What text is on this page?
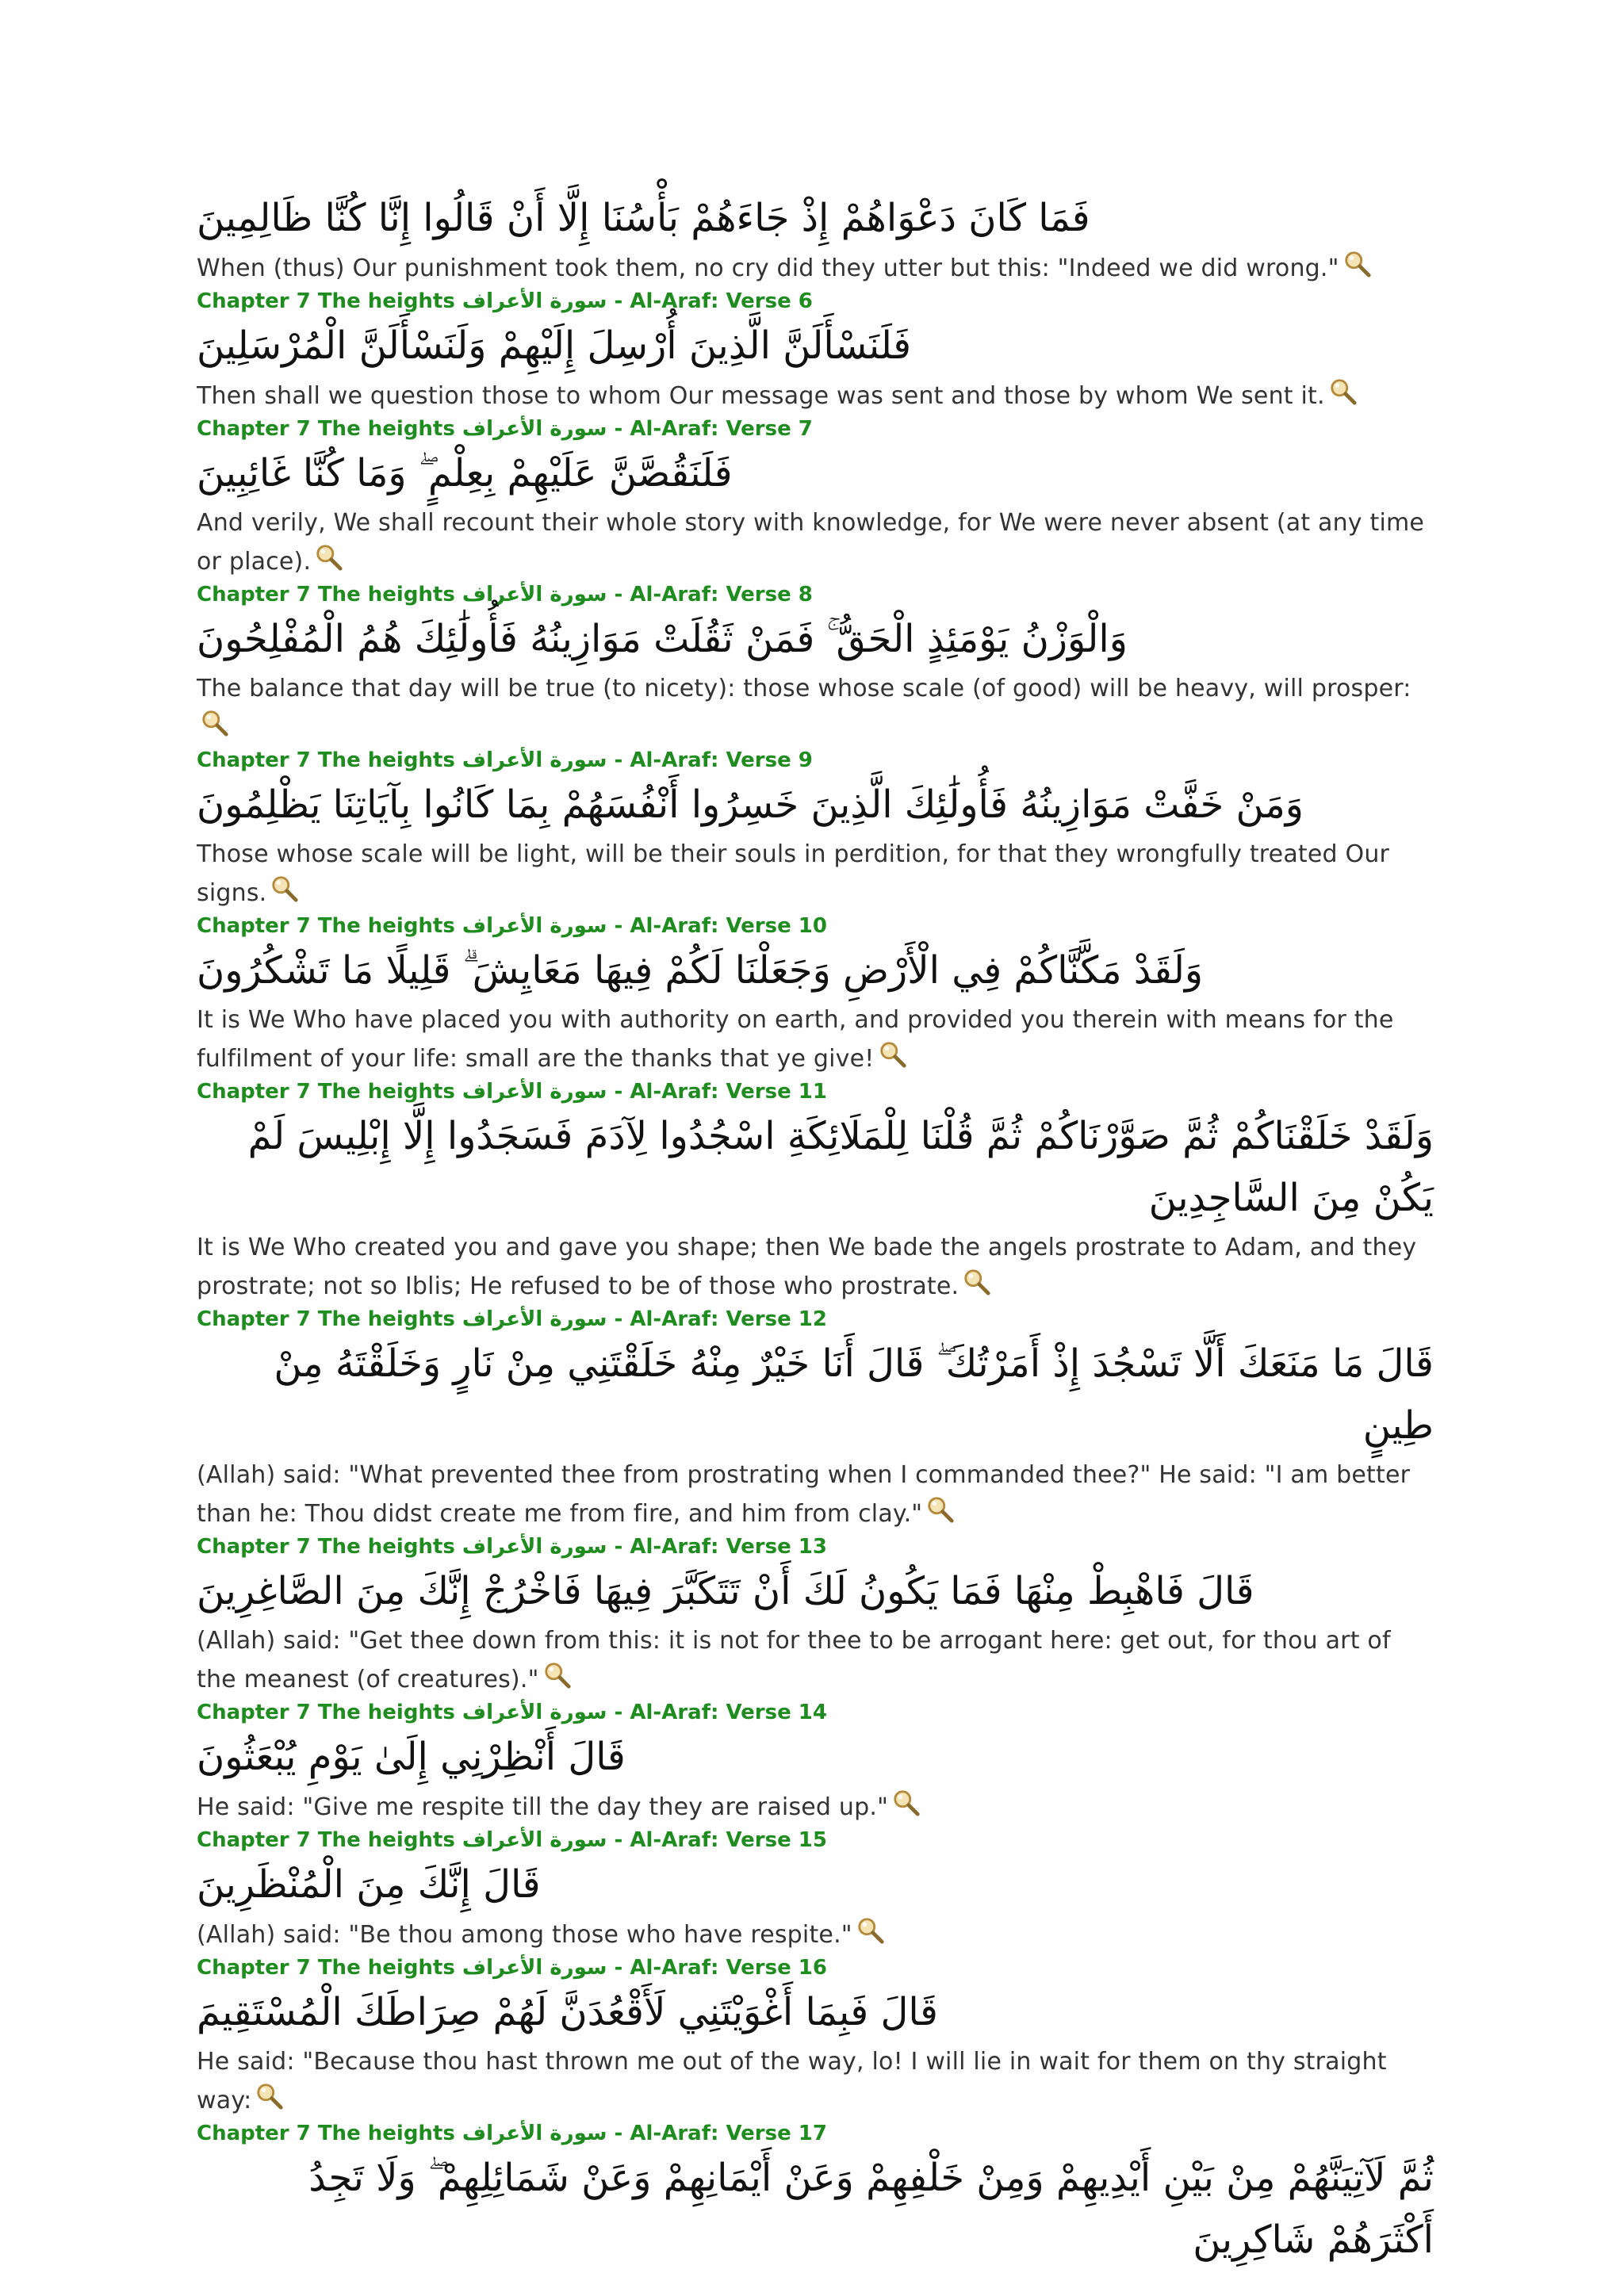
فَمَا كَانَ دَعْوَاهُمْ إِذْ جَاءَهُمْ بَأْسُنَا إِلَّا أَنْ قَالُوا إِنَّا كُنَّا ظَالِمِينَ

When (thus) Our punishment took them, no cry did they utter but this: "Indeed we did wrong."

Chapter 7 The heights سورة الأعراف - Al-Araf: Verse 6

فَلَنَسْأَلَنَّ الَّذِينَ أُرْسِلَ إِلَيْهِمْ وَلَنَسْأَلَنَّ الْمُرْسَلِينَ

Then shall we question those to whom Our message was sent and those by whom We sent it.

Chapter 7 The heights سورة الأعراف - Al-Araf: Verse 7

فَلَنَقُصَّنَّ عَلَيْهِمْ بِعِلْمٍ ۖ وَمَا كُنَّا غَائِبِينَ

And verily, We shall recount their whole story with knowledge, for We were never absent (at any time or place).

Chapter 7 The heights سورة الأعراف - Al-Araf: Verse 8

وَالْوَزْنُ يَوْمَئِذٍ الْحَقُّ ۚ فَمَنْ ثَقُلَتْ مَوَازِينُهُ فَأُولَٰئِكَ هُمُ الْمُفْلِحُونَ

The balance that day will be true (to nicety): those whose scale (of good) will be heavy, will prosper:

Chapter 7 The heights سورة الأعراف - Al-Araf: Verse 9

وَمَنْ خَفَّتْ مَوَازِينُهُ فَأُولَٰئِكَ الَّذِينَ خَسِرُوا أَنْفُسَهُمْ بِمَا كَانُوا بِآيَاتِنَا يَظْلِمُونَ

Those whose scale will be light, will be their souls in perdition, for that they wrongfully treated Our signs.

Chapter 7 The heights سورة الأعراف - Al-Araf: Verse 10

وَلَقَدْ مَكَّنَّاكُمْ فِي الْأَرْضِ وَجَعَلْنَا لَكُمْ فِيهَا مَعَايِشَ ۗ قَلِيلًا مَا تَشْكُرُونَ

It is We Who have placed you with authority on earth, and provided you therein with means for the fulfilment of your life: small are the thanks that ye give!

Chapter 7 The heights سورة الأعراف - Al-Araf: Verse 11

وَلَقَدْ خَلَقْنَاكُمْ ثُمَّ صَوَّرْنَاكُمْ ثُمَّ قُلْنَا لِلْمَلَائِكَةِ اسْجُدُوا لِآدَمَ فَسَجَدُوا إِلَّا إِبْلِيسَ لَمْ يَكُنْ مِنَ السَّاجِدِينَ

It is We Who created you and gave you shape; then We bade the angels prostrate to Adam, and they prostrate; not so Iblis; He refused to be of those who prostrate.

Chapter 7 The heights سورة الأعراف - Al-Araf: Verse 12

قَالَ مَا مَنَعَكَ أَلَّا تَسْجُدَ إِذْ أَمَرْتُكَ ۖ قَالَ أَنَا خَيْرٌ مِنْهُ خَلَقْتَنِي مِنْ نَارٍ وَخَلَقْتَهُ مِنْ طِينٍ

(Allah) said: "What prevented thee from prostrating when I commanded thee?" He said: "I am better than he: Thou didst create me from fire, and him from clay."

Chapter 7 The heights سورة الأعراف - Al-Araf: Verse 13

قَالَ فَاهْبِطْ مِنْهَا فَمَا يَكُونُ لَكَ أَنْ تَتَكَبَّرَ فِيهَا فَاخْرُجْ إِنَّكَ مِنَ الصَّاغِرِينَ

(Allah) said: "Get thee down from this: it is not for thee to be arrogant here: get out, for thou art of the meanest (of creatures)."

Chapter 7 The heights سورة الأعراف - Al-Araf: Verse 14

قَالَ أَنْظِرْنِي إِلَىٰ يَوْمِ يُبْعَثُونَ

He said: "Give me respite till the day they are raised up."

Chapter 7 The heights سورة الأعراف - Al-Araf: Verse 15

قَالَ إِنَّكَ مِنَ الْمُنْظَرِينَ

(Allah) said: "Be thou among those who have respite."

Chapter 7 The heights سورة الأعراف - Al-Araf: Verse 16

قَالَ فَبِمَا أَغْوَيْتَنِي لَأَقْعُدَنَّ لَهُمْ صِرَاطَكَ الْمُسْتَقِيمَ

He said: "Because thou hast thrown me out of the way, lo! I will lie in wait for them on thy straight way:

Chapter 7 The heights سورة الأعراف - Al-Araf: Verse 17

ثُمَّ لَآتِيَنَّهُمْ مِنْ بَيْنِ أَيْدِيهِمْ وَمِنْ خَلْفِهِمْ وَعَنْ أَيْمَانِهِمْ وَعَنْ شَمَائِلِهِمْ ۖ وَلَا تَجِدُ أَكْثَرَهُمْ شَاكِرِينَ
